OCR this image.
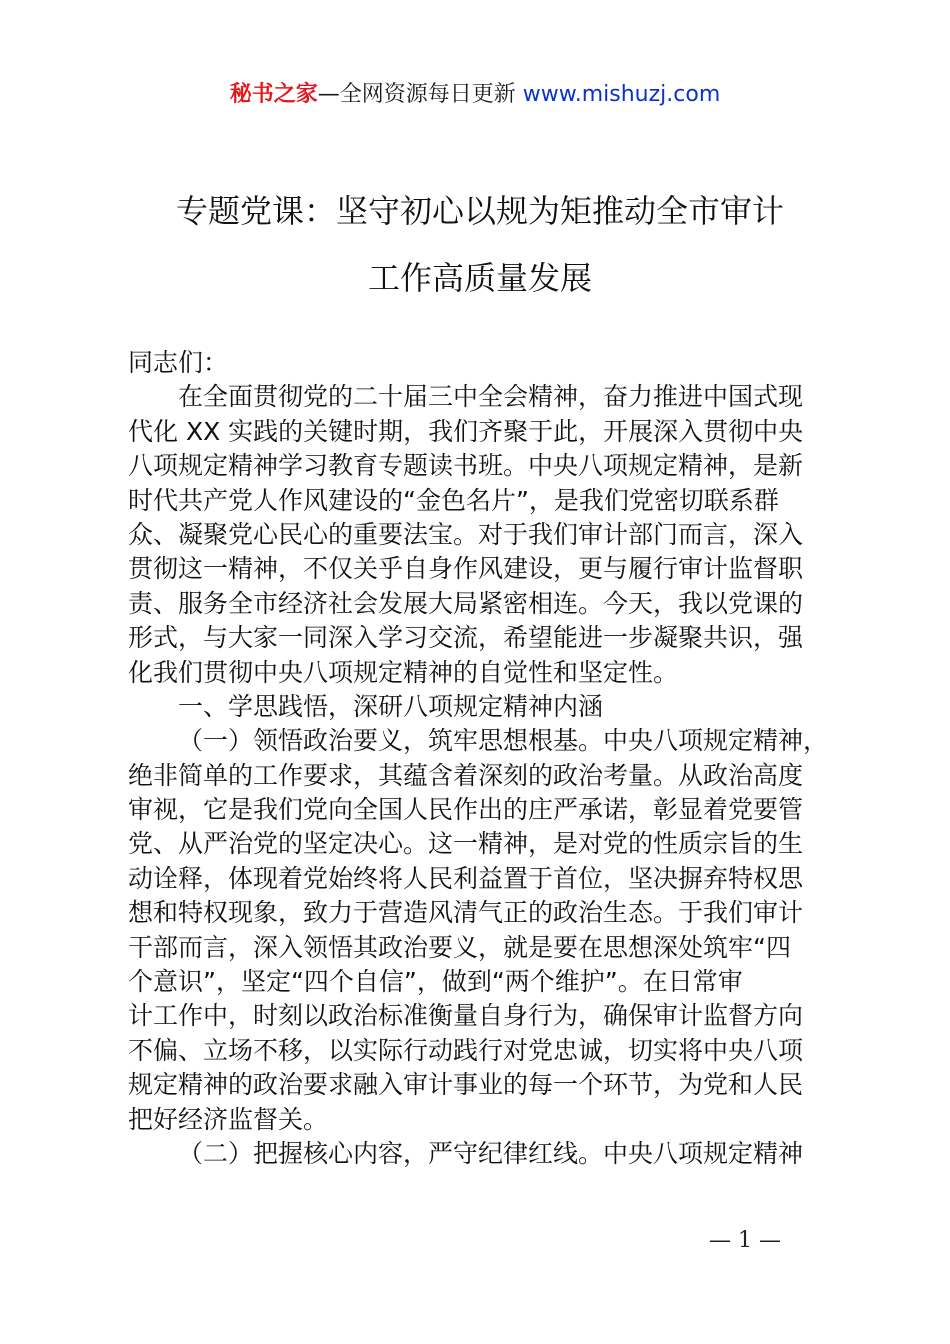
秘书之家—全网资源每日更新 www.mishuzj.com
专题党课：坚守初心以规为矩推动全市审计
工作高质量发展
同志们：
在全面贯彻党的二十届三中全会精神，奋力推进中国式现
代化 XX 实践的关键时期，我们齐聚于此，开展深入贯彻中央
八项规定精神学习教育专题读书班。中央八项规定精神，是新
时代共产党人作风建设的“金色名片”，是我们党密切联系群
众、凝聚党心民心的重要法宝。对于我们审计部门而言，深入
贯彻这一精神，不仅关乎自身作风建设，更与履行审计监督职
责、服务全市经济社会发展大局紧密相连。今天，我以党课的
形式，与大家一同深入学习交流，希望能进一步凝聚共识，强
化我们贯彻中央八项规定精神的自觉性和坚定性。
一、学思践悟，深研八项规定精神内涵
（一）领悟政治要义，筑牢思想根基。中央八项规定精神，
绝非简单的工作要求，其蕴含着深刻的政治考量。从政治高度
审视，它是我们党向全国人民作出的庄严承诺，彰显着党要管
党、从严治党的坚定决心。这一精神，是对党的性质宗旨的生
动诠释，体现着党始终将人民利益置于首位，坚决摒弃特权思
想和特权现象，致力于营造风清气正的政治生态。于我们审计
干部而言，深入领悟其政治要义，就是要在思想深处筑牢“四
个意识”，坚定“四个自信”，做到“两个维护”。在日常审
计工作中，时刻以政治标准衡量自身行为，确保审计监督方向
不偏、立场不移，以实际行动践行对党忠诚，切实将中央八项
规定精神的政治要求融入审计事业的每一个环节，为党和人民
把好经济监督关。
（二）把握核心内容，严守纪律红线。中央八项规定精神
— 1 —
